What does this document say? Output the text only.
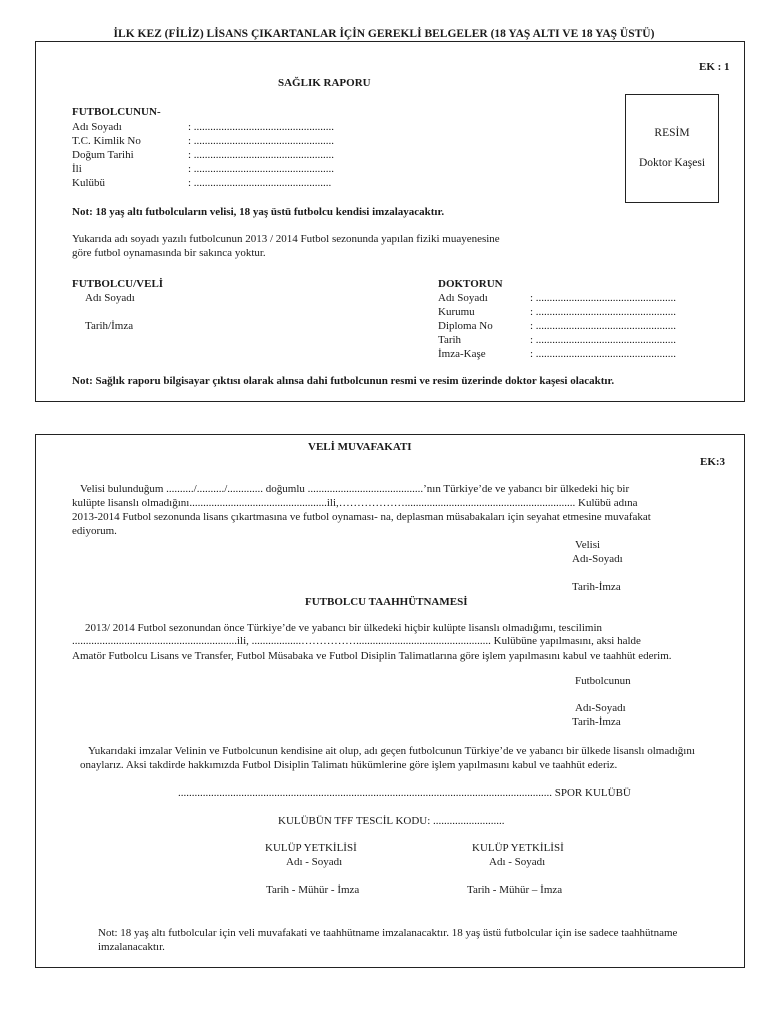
İLK KEZ (FİLİZ) LİSANS ÇIKARTANLAR İÇİN GEREKLİ BELGELER (18 YAŞ ALTI VE 18 YAŞ ÜSTÜ)
EK : 1
SAĞLIK RAPORU
FUTBOLCUNUN-
Adı Soyadı	: ...................................................
T.C. Kimlik No	: ...................................................
Doğum Tarihi	: ...................................................
İli	: ...................................................
Kulübü	: ..................................................
RESİM
Doktor Kaşesi
Not: 18 yaş altı futbolcuların velisi, 18 yaş üstü futbolcu kendisi imzalayacaktır.
Yukarıda adı soyadı yazılı futbolcunun 2013 / 2014 Futbol sezonunda yapılan fiziki muayenesine
göre futbol oynamasında bir sakınca yoktur.
FUTBOLCU/VELİ
Adı Soyadı
Tarih/İmza
DOKTORUN
Adı Soyadı	: ...................................................
Kurumu	: ...................................................
Diploma No	: ...................................................
Tarih	: ...................................................
İmza-Kaşe	: ...................................................
Not: Sağlık raporu bilgisayar çıktısı olarak alınsa dahi futbolcunun resmi ve resim üzerinde doktor kaşesi olacaktır.
VELİ MUVAFAKATI
EK:3
Velisi bulunduğum ........../........../............. doğumlu ..........................................’nın Türkiye’de ve yabancı bir ülkedeki hiç bir
kulüpte lisanslı olmadığını..................................................ili,……………….............................................................. Kulübü adına
2013-2014 Futbol sezonunda lisans çıkartmasına ve futbol oynaması- na, deplasman müsabakaları için seyahat etmesine muvafakat
ediyorum.
Velisi
Adı-Soyadı
Tarih-İmza
FUTBOLCU TAAHHÜTNAMESİ
2013/ 2014 Futbol sezonundan önce Türkiye’de ve yabancı bir ülkedeki hiçbir kulüpte lisanslı olmadığımı, tescilimin
............................................................ili, ..................……………................................................. Kulübüne yapılmasını, aksi halde
Amatör Futbolcu Lisans ve Transfer, Futbol Müsabaka ve Futbol Disiplin Talimatlarına göre işlem yapılmasını kabul ve taahhüt ederim.
Futbolcunun
Adı-Soyadı
Tarih-İmza
Yukarıdaki imzalar Velinin ve Futbolcunun kendisine ait olup, adı geçen futbolcunun Türkiye’de ve yabancı bir ülkede lisanslı olmadığını
onaylarız. Aksi takdirde hakkımızda Futbol Disiplin Talimatı hükümlerine göre işlem yapılmasını kabul ve taahhüt ederiz.
........................................................................................................................................ SPOR KULÜBÜ
KULÜBÜN TFF TESCİL KODU: ..........................
KULÜP YETKİLİSİ
Adı - Soyadı
Tarih - Mühür - İmza
KULÜP YETKİLİSİ
Adı - Soyadı
Tarih - Mühür – İmza
Not: 18 yaş altı futbolcular için veli muvafakati ve taahhütname imzalanacaktır. 18 yaş üstü futbolcular için ise sadece taahhütname
imzalanacaktır.
